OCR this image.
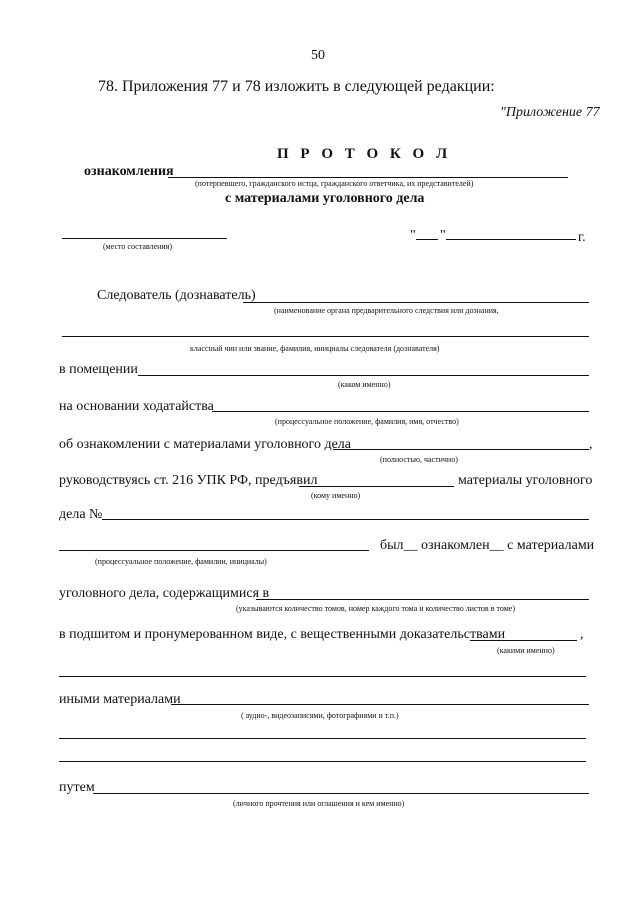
50
78. Приложения 77 и 78 изложить в следующей редакции:
"Приложение 77
П Р О Т О К О Л
ознакомления
(потерпевшего, гражданского истца, гражданского ответчика, их представителей)
с материалами уголовного дела
(место составления)
" "	г.
Следователь (дознаватель)
(наименование органа предварительного следствия или дознания,
классный чин или звание, фамилия, инициалы следователя (дознавателя)
в помещении
(каком именно)
на основании ходатайства
(процессуальное положение, фамилия, имя, отчество)
об ознакомлении с материалами уголовного дела	,
(полностью, частично)
руководствуясь ст. 216 УПК РФ, предъявил	материалы уголовного
(кому именно)
дела №
был__ ознакомлен__ с материалами
(процессуальное положение, фамилии, инициалы)
уголовного дела, содержащимися в
(указываются количество томов, номер каждого тома и количество листов в томе)
в подшитом и пронумерованном виде, с вещественными доказательствами	,
(какими именно)
иными материалами
( аудио-, видеозаписями, фотографиями и т.п.)
путем
(личного прочтения или оглашения и кем именно)
